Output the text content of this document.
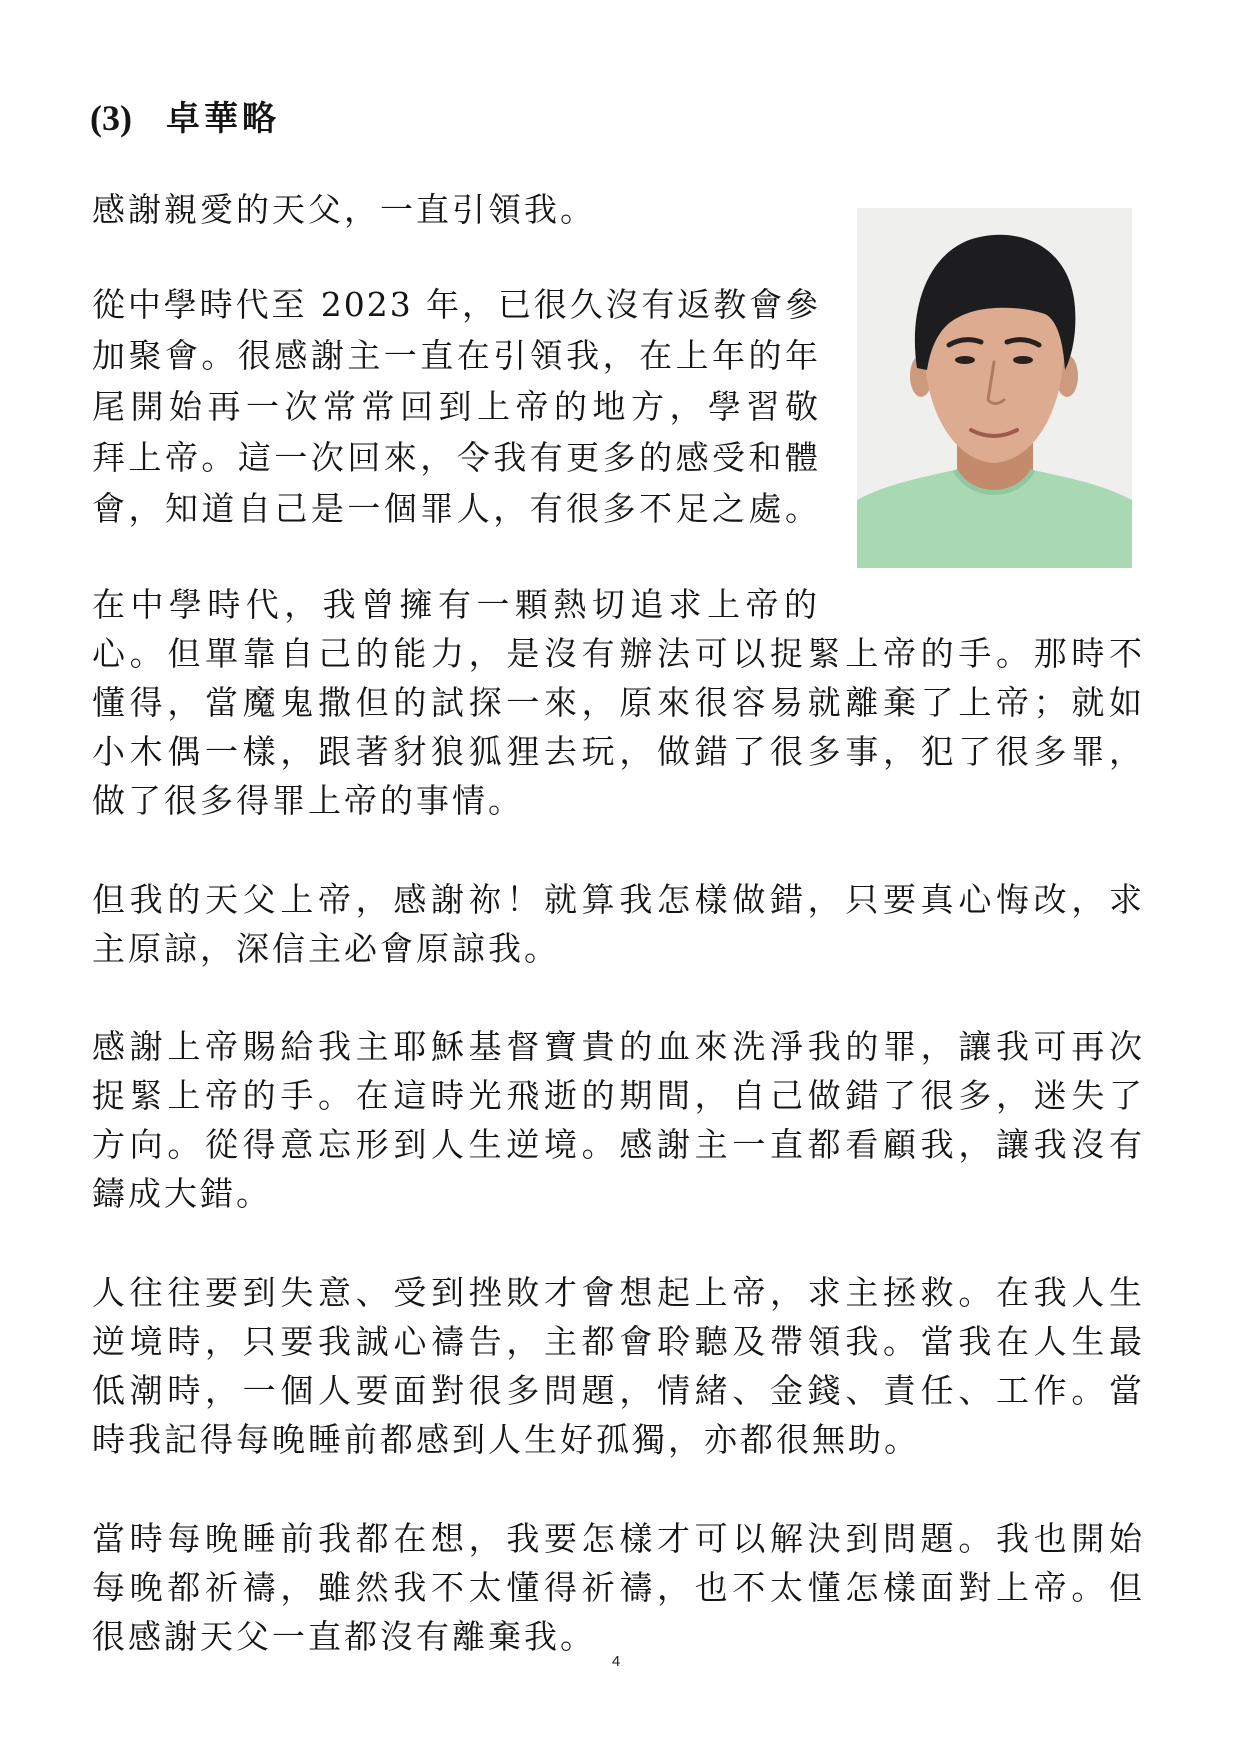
(3) 卓華略
感謝親愛的天父，一直引領我。
從中學時代至 2023 年，已很久沒有返教會參
加聚會。很感謝主一直在引領我，在上年的年
尾開始再一次常常回到上帝的地方，學習敬
拜上帝。這一次回來，令我有更多的感受和體
會，知道自己是一個罪人，有很多不足之處。
在中學時代，我曾擁有一顆熱切追求上帝的
心。但單靠自己的能力，是沒有辦法可以捉緊上帝的手。那時不
懂得，當魔鬼撒但的試探一來，原來很容易就離棄了上帝；就如
小木偶一樣，跟著豺狼狐狸去玩，做錯了很多事，犯了很多罪，
做了很多得罪上帝的事情。
但我的天父上帝，感謝祢！就算我怎樣做錯，只要真心悔改，求
主原諒，深信主必會原諒我。
感謝上帝賜給我主耶穌基督寶貴的血來洗淨我的罪，讓我可再次
捉緊上帝的手。在這時光飛逝的期間，自己做錯了很多，迷失了
方向。從得意忘形到人生逆境。感謝主一直都看顧我，讓我沒有
鑄成大錯。
人往往要到失意、受到挫敗才會想起上帝，求主拯救。在我人生
逆境時，只要我誠心禱告，主都會聆聽及帶領我。當我在人生最
低潮時，一個人要面對很多問題，情緒、金錢、責任、工作。當
時我記得每晚睡前都感到人生好孤獨，亦都很無助。
當時每晚睡前我都在想，我要怎樣才可以解決到問題。我也開始
每晚都祈禱，雖然我不太懂得祈禱，也不太懂怎樣面對上帝。但
很感謝天父一直都沒有離棄我。
4
